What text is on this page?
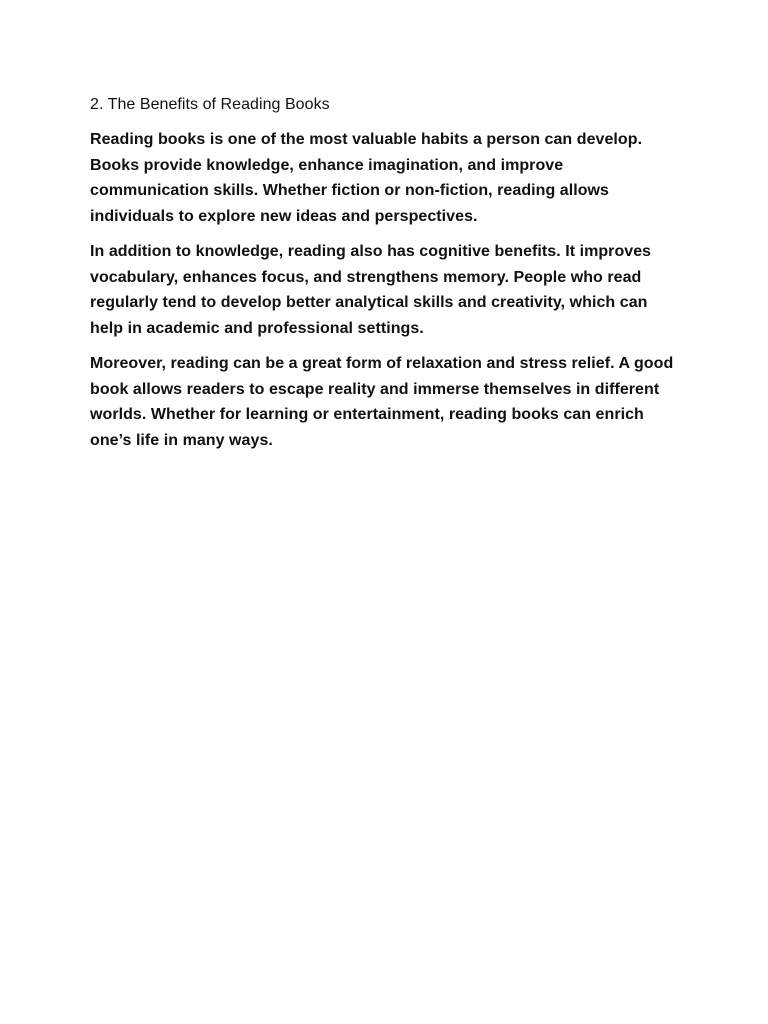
2. The Benefits of Reading Books

Reading books is one of the most valuable habits a person can develop. Books provide knowledge, enhance imagination, and improve communication skills. Whether fiction or non-fiction, reading allows individuals to explore new ideas and perspectives.

In addition to knowledge, reading also has cognitive benefits. It improves vocabulary, enhances focus, and strengthens memory. People who read regularly tend to develop better analytical skills and creativity, which can help in academic and professional settings.

Moreover, reading can be a great form of relaxation and stress relief. A good book allows readers to escape reality and immerse themselves in different worlds. Whether for learning or entertainment, reading books can enrich one’s life in many ways.
